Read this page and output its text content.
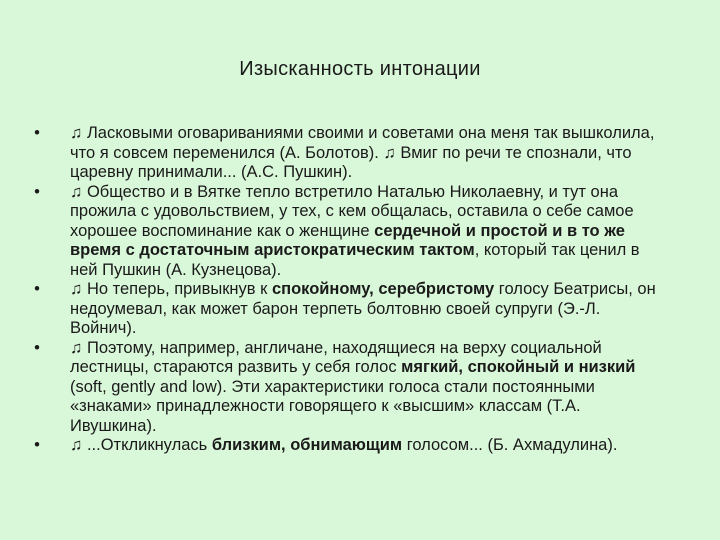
Изысканность интонации
• ♫ Ласковыми оговариваниями своими и советами она меня так вышколила, что я совсем переменился (А. Болотов). ♫ Вмиг по речи те спознали, что царевну принимали... (А.С. Пушкин).
• ♫ Общество и в Вятке тепло встретило Наталью Николаевну, и тут она прожила с удовольствием, у тех, с кем общалась, оставила о себе самое хорошее воспоминание как о женщине сердечной и простой и в то же время с достаточным аристократическим тактом, который так ценил в ней Пушкин (А. Кузнецова).
• ♫ Но теперь, привыкнув к спокойному, серебристому голосу Беатрисы, он недоумевал, как может барон терпеть болтовню своей супруги (Э.-Л. Войнич).
• ♫ Поэтому, например, англичане, находящиеся на верху социальной лестницы, стараются развить у себя голос мягкий, спокойный и низкий (soft, gently and low). Эти характеристики голоса стали постоянными «знаками» принадлежности говорящего к «высшим» классам (Т.А. Ивушкина).
• ♫ ...Откликнулась близким, обнимающим голосом... (Б. Ахмадулина).
